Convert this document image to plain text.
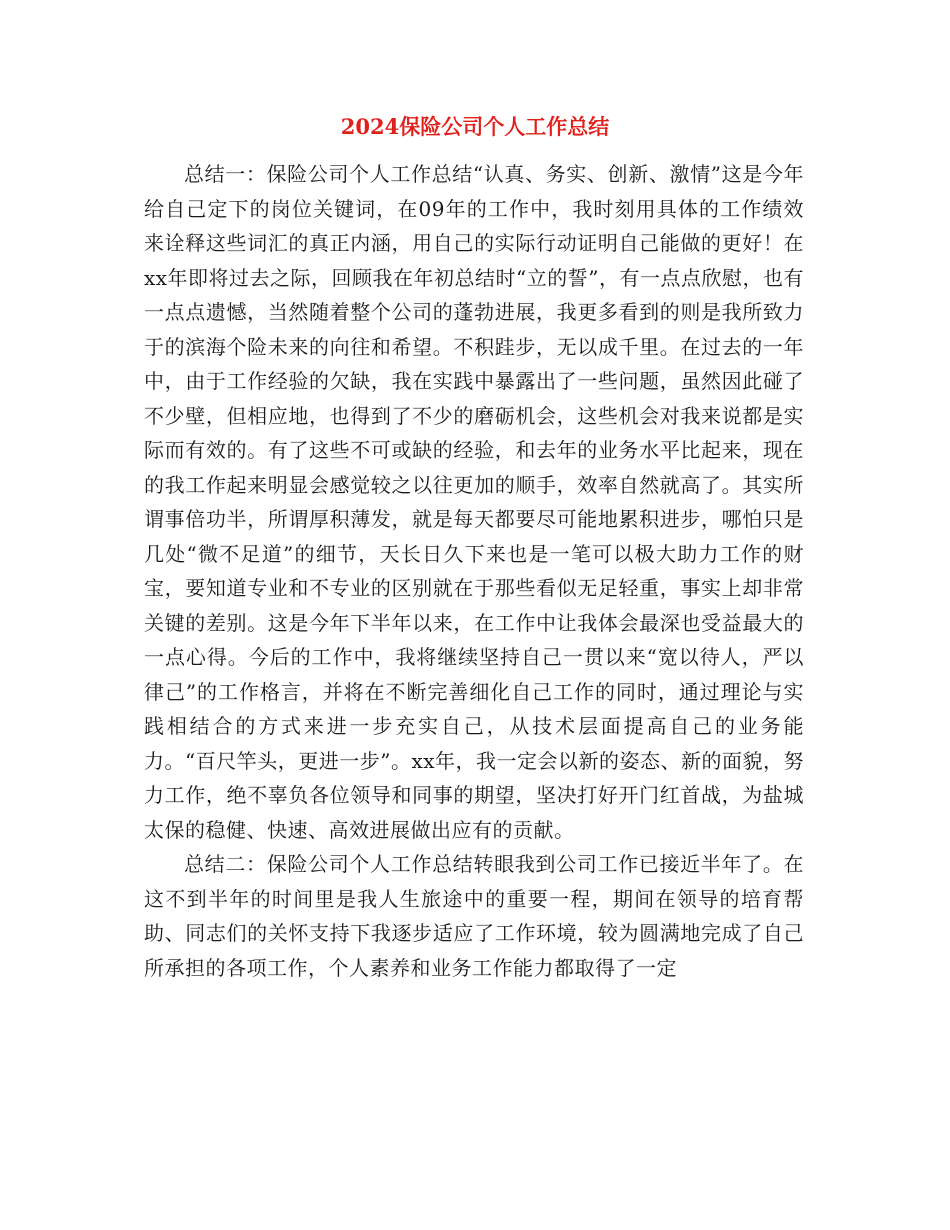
2024保险公司个人工作总结

总结一：保险公司个人工作总结“认真、务实、创新、激情”这是今年给自己定下的岗位关键词，在09年的工作中，我时刻用具体的工作绩效来诠释这些词汇的真正内涵，用自己的实际行动证明自己能做的更好！在xx年即将过去之际，回顾我在年初总结时“立的誓”，有一点点欣慰，也有一点点遗憾，当然随着整个公司的蓬勃进展，我更多看到的则是我所致力于的滨海个险未来的向往和希望。不积跬步，无以成千里。在过去的一年中，由于工作经验的欠缺，我在实践中暴露出了一些问题，虽然因此碰了不少壁，但相应地，也得到了不少的磨砺机会，这些机会对我来说都是实际而有效的。有了这些不可或缺的经验，和去年的业务水平比起来，现在的我工作起来明显会感觉较之以往更加的顺手，效率自然就高了。其实所谓事倍功半，所谓厚积薄发，就是每天都要尽可能地累积进步，哪怕只是几处“微不足道”的细节，天长日久下来也是一笔可以极大助力工作的财宝，要知道专业和不专业的区别就在于那些看似无足轻重，事实上却非常关键的差别。这是今年下半年以来，在工作中让我体会最深也受益最大的一点心得。今后的工作中，我将继续坚持自己一贯以来“宽以待人，严以律己”的工作格言，并将在不断完善细化自己工作的同时，通过理论与实践相结合的方式来进一步充实自己，从技术层面提高自己的业务能力。“百尺竿头，更进一步”。xx年，我一定会以新的姿态、新的面貌，努力工作，绝不辜负各位领导和同事的期望，坚决打好开门红首战，为盐城太保的稳健、快速、高效进展做出应有的贡献。

总结二：保险公司个人工作总结转眼我到公司工作已接近半年了。在这不到半年的时间里是我人生旅途中的重要一程，期间在领导的培育帮助、同志们的关怀支持下我逐步适应了工作环境，较为圆满地完成了自己所承担的各项工作，个人素养和业务工作能力都取得了一定
